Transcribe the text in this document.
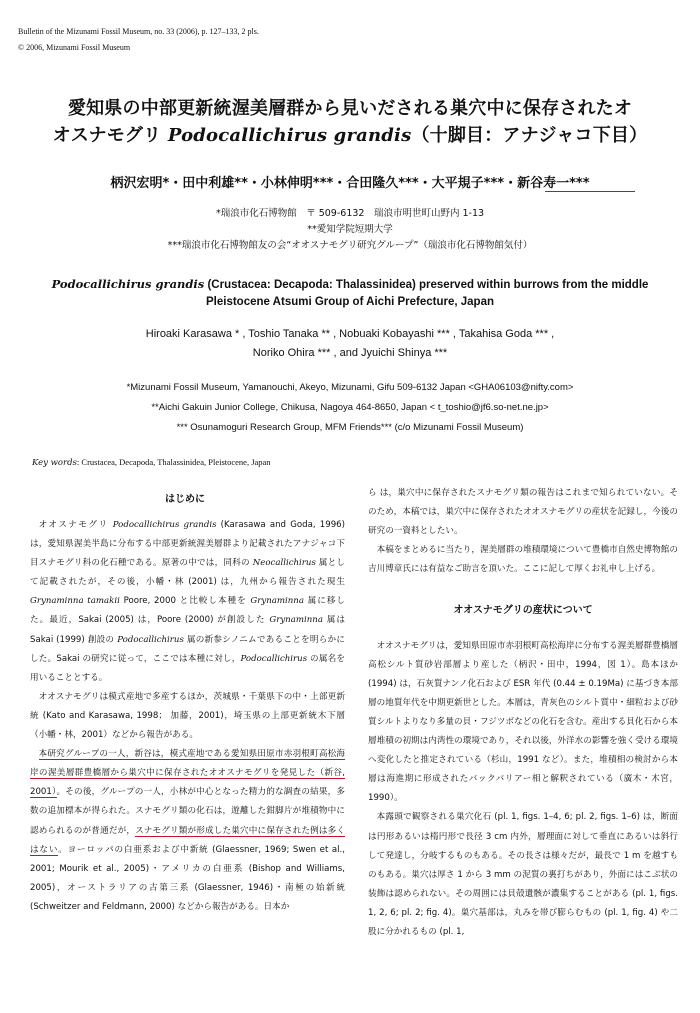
Bulletin of the Mizunami Fossil Museum, no. 33 (2006), p. 127–133, 2 pls.
© 2006, Mizunami Fossil Museum
愛知県の中部更新統渥美層群から見いだされる巣穴中に保存されたオ
オスナモグリ Podocallichirus grandis（十脚目：アナジャコ下目）
柄沢宏明*・田中利雄**・小林伸明***・合田隆久***・大平規子***・新谷寿一***
*瑞浪市化石博物館　〒 509-6132　瑞浪市明世町山野内 1-13
**愛知学院短期大学
***瑞浪市化石博物館友の会“オオスナモグリ研究グループ”（瑞浪市化石博物館気付）
Podocallichirus grandis (Crustacea: Decapoda: Thalassinidea) preserved within burrows from the middle
Pleistocene Atsumi Group of Aichi Prefecture, Japan
Hiroaki Karasawa * , Toshio Tanaka ** , Nobuaki Kobayashi *** , Takahisa Goda *** ,
Noriko Ohira *** , and Jyuichi Shinya ***
*Mizunami Fossil Museum, Yamanouchi, Akeyo, Mizunami, Gifu 509-6132 Japan <GHA06103@nifty.com>
**Aichi Gakuin Junior College, Chikusa, Nagoya 464-8650, Japan < t_toshio@jf6.so-net.ne.jp>
*** Osunamoguri Research Group, MFM Friends*** (c/o Mizunami Fossil Museum)
Key words: Crustacea, Decapoda, Thalassinidea, Pleistocene, Japan
はじめに

オオスナモグリ Podocallichirus grandis (Karasawa and Goda, 1996) は，愛知県渥美半島に分布する中部更新統渥美層群より記載されたアナジャコ下目スナモグリ科の化石種である。原著の中では，同科の Neocallichirus 属として記載されたが，その後，小幡・林 (2001) は，九州から報告された現生 Grynaminna tamakii Poore, 2000 と比較し本種を Grynaminna 属に移した。最近，Sakai (2005) は，Poore (2000) が創設した Grynaminna 属は Sakai (1999) 創設の Podocallichirus 属の新参シノニムであることを明らかにした。Sakai の研究に従って，ここでは本種に対し，Podocallichirus の属名を用いることとする。

オオスナモグリは模式産地で多産するほか，茨城県・千葉県下の中・上部更新統 (Kato and Karasawa, 1998； 加藤，2001)，埼玉県の上部更新統木下層（小幡・林，2001）などから報告がある。

本研究グループの一人，新谷は，模式産地である愛知県田原市赤羽根町高松海岸の渥美層群豊橋層から巣穴中に保存されたオオスナモグリを発見した（新谷, 2001）。その後，グループの一人，小林が中心となった精力的な調査の結果，多数の追加標本が得られた。スナモグリ類の化石は，遊離した鉗脚片が堆積物中に認められるのが普通だが，スナモグリ類が形成した巣穴中に保存された例は多くはない。ヨーロッパの白亜系および中新統 (Glaessner, 1969; Swen et al., 2001; Mourik et al., 2005)・アメリカの白亜系 (Bishop and Williams, 2005)，オーストラリアの古第三系 (Glaessner, 1946)・南極の始新統 (Schweitzer and Feldmann, 2000) などから報告がある。日本か

ら は，巣穴中に保存されたスナモグリ類の報告はこれまで知られていない。そのため，本稿では，巣穴中に保存されたオオスナモグリの産状を記録し，今後の研究の一資料としたい。

本稿をまとめるに当たり，渥美層群の堆積環境について豊橋市自然史博物館の吉川博章氏には有益なご助言を頂いた。ここに記して厚くお礼申し上げる。

オオスナモグリの産状について

オオスナモグリは，愛知県田原市赤羽根町高松海岸に分布する渥美層群豊橋層高松シルト質砂岩部層より産した（柄沢・田中，1994，図 1）。島本ほか (1994) は，石灰質ナンノ化石および ESR 年代 (0.44 ± 0.19Ma) に基づき本部層の地質年代を中期更新世とした。本層は，青灰色のシルト質中・細粒および砂質シルトよりなり多量の貝・フジツボなどの化石を含む。産出する貝化石から本層堆積の初期は内湾性の環境であり，それ以後，外洋水の影響を強く受ける環境へ変化したと推定されている（杉山，1991 など）。また，堆積相の検討から本層は海進期に形成されたバックバリアー相と解釈されている（廣木・木宮，1990）。

本露頭で観察される巣穴化石 (pl. 1, figs. 1–4, 6; pl. 2, figs. 1–6) は，断面は円形あるいは楕円形で長径 3 cm 内外，層理面に対して垂直にあるいは斜行して発達し，分岐するものもある。その長さは様々だが，最長で 1 m を越すものもある。巣穴は厚さ 1 から 3 mm の泥質の裏打ちがあり，外面にはこぶ状の装飾は認められない。その周囲には貝殻遺骸が濃集することがある (pl. 1, figs. 1, 2, 6; pl. 2; fig. 4)。巣穴基部は，丸みを帯び膨らむもの (pl. 1, fig. 4) や二股に分かれるもの (pl. 1,
